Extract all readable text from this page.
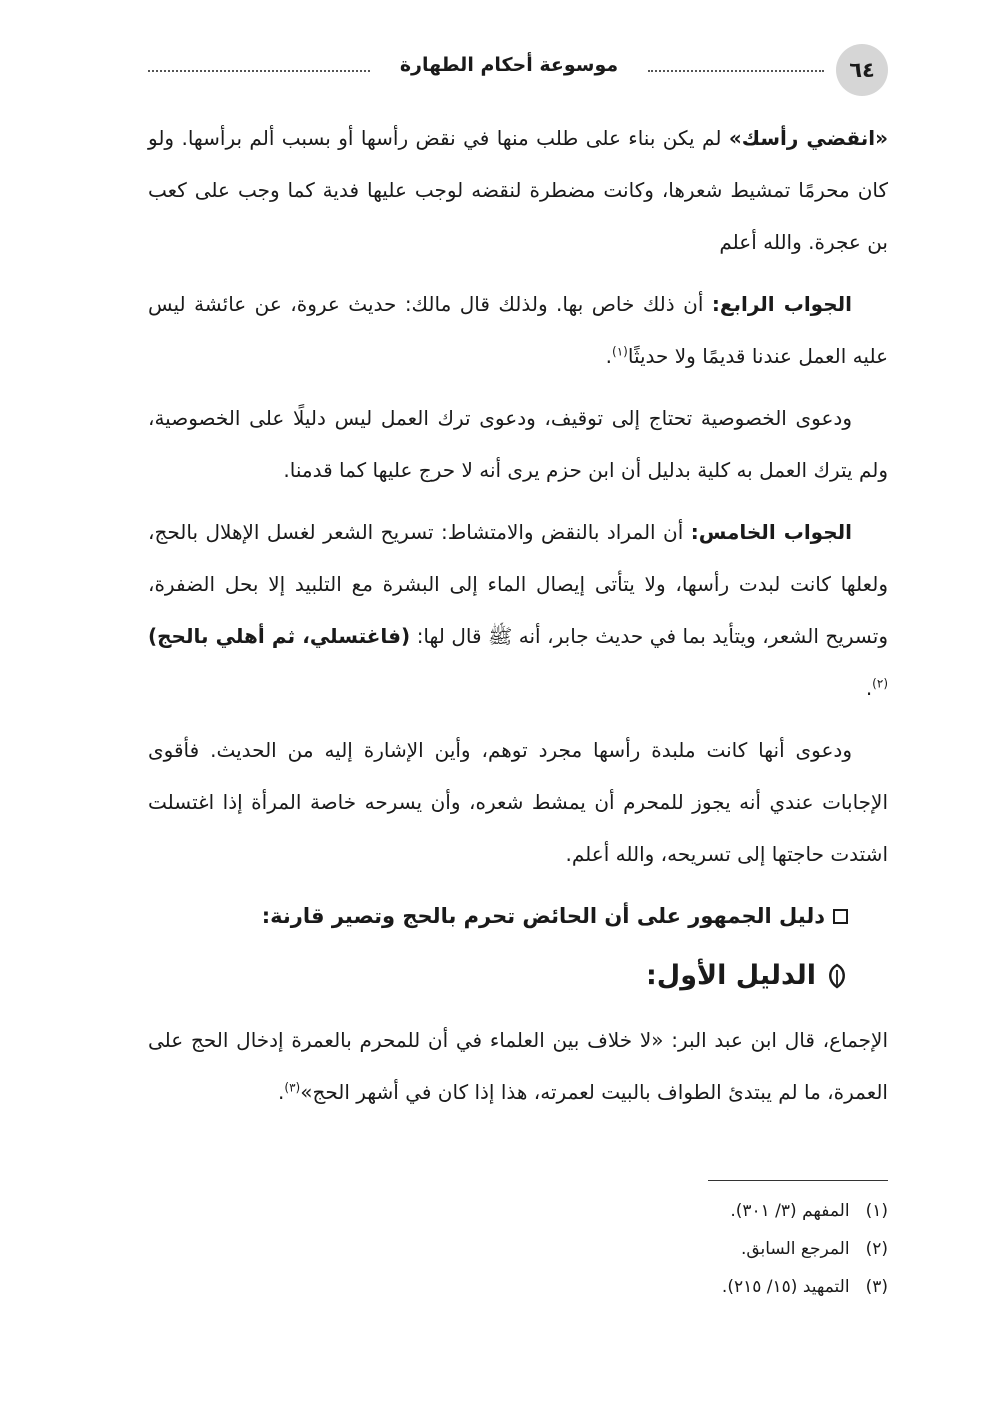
٦٤
موسوعة أحكام الطهارة

«انقضي رأسك» لم يكن بناء على طلب منها في نقض رأسها أو بسبب ألم برأسها. ولو كان محرمًا تمشيط شعرها، وكانت مضطرة لنقضه لوجب عليها فدية كما وجب على كعب بن عجرة. والله أعلم

الجواب الرابع: أن ذلك خاص بها. ولذلك قال مالك: حديث عروة، عن عائشة ليس عليه العمل عندنا قديمًا ولا حديثًا$^{(١)}$.

ودعوى الخصوصية تحتاج إلى توقيف، ودعوى ترك العمل ليس دليلًا على الخصوصية، ولم يترك العمل به كلية بدليل أن ابن حزم يرى أنه لا حرج عليها كما قدمنا.

الجواب الخامس: أن المراد بالنقض والامتشاط: تسريح الشعر لغسل الإهلال بالحج، ولعلها كانت لبدت رأسها، ولا يتأتى إيصال الماء إلى البشرة مع التلبيد إلا بحل الضفرة، وتسريح الشعر، ويتأيد بما في حديث جابر، أنه ﷺ قال لها: (فاغتسلي، ثم أهلي بالحج)$^{(٢)}$.

ودعوى أنها كانت ملبدة رأسها مجرد توهم، وأين الإشارة إليه من الحديث. فأقوى الإجابات عندي أنه يجوز للمحرم أن يمشط شعره، وأن يسرحه خاصة المرأة إذا اغتسلت اشتدت حاجتها إلى تسريحه، والله أعلم.

دليل الجمهور على أن الحائض تحرم بالحج وتصير قارنة:
الدليل الأول:

الإجماع، قال ابن عبد البر: «لا خلاف بين العلماء في أن للمحرم بالعمرة إدخال الحج على العمرة، ما لم يبتدئ الطواف بالبيت لعمرته، هذا إذا كان في أشهر الحج»$^{(٣)}$.

(١)
المفهم (٣/ ٣٠١).
(٢)
المرجع السابق.
(٣)
التمهيد (١٥/ ٢١٥).
